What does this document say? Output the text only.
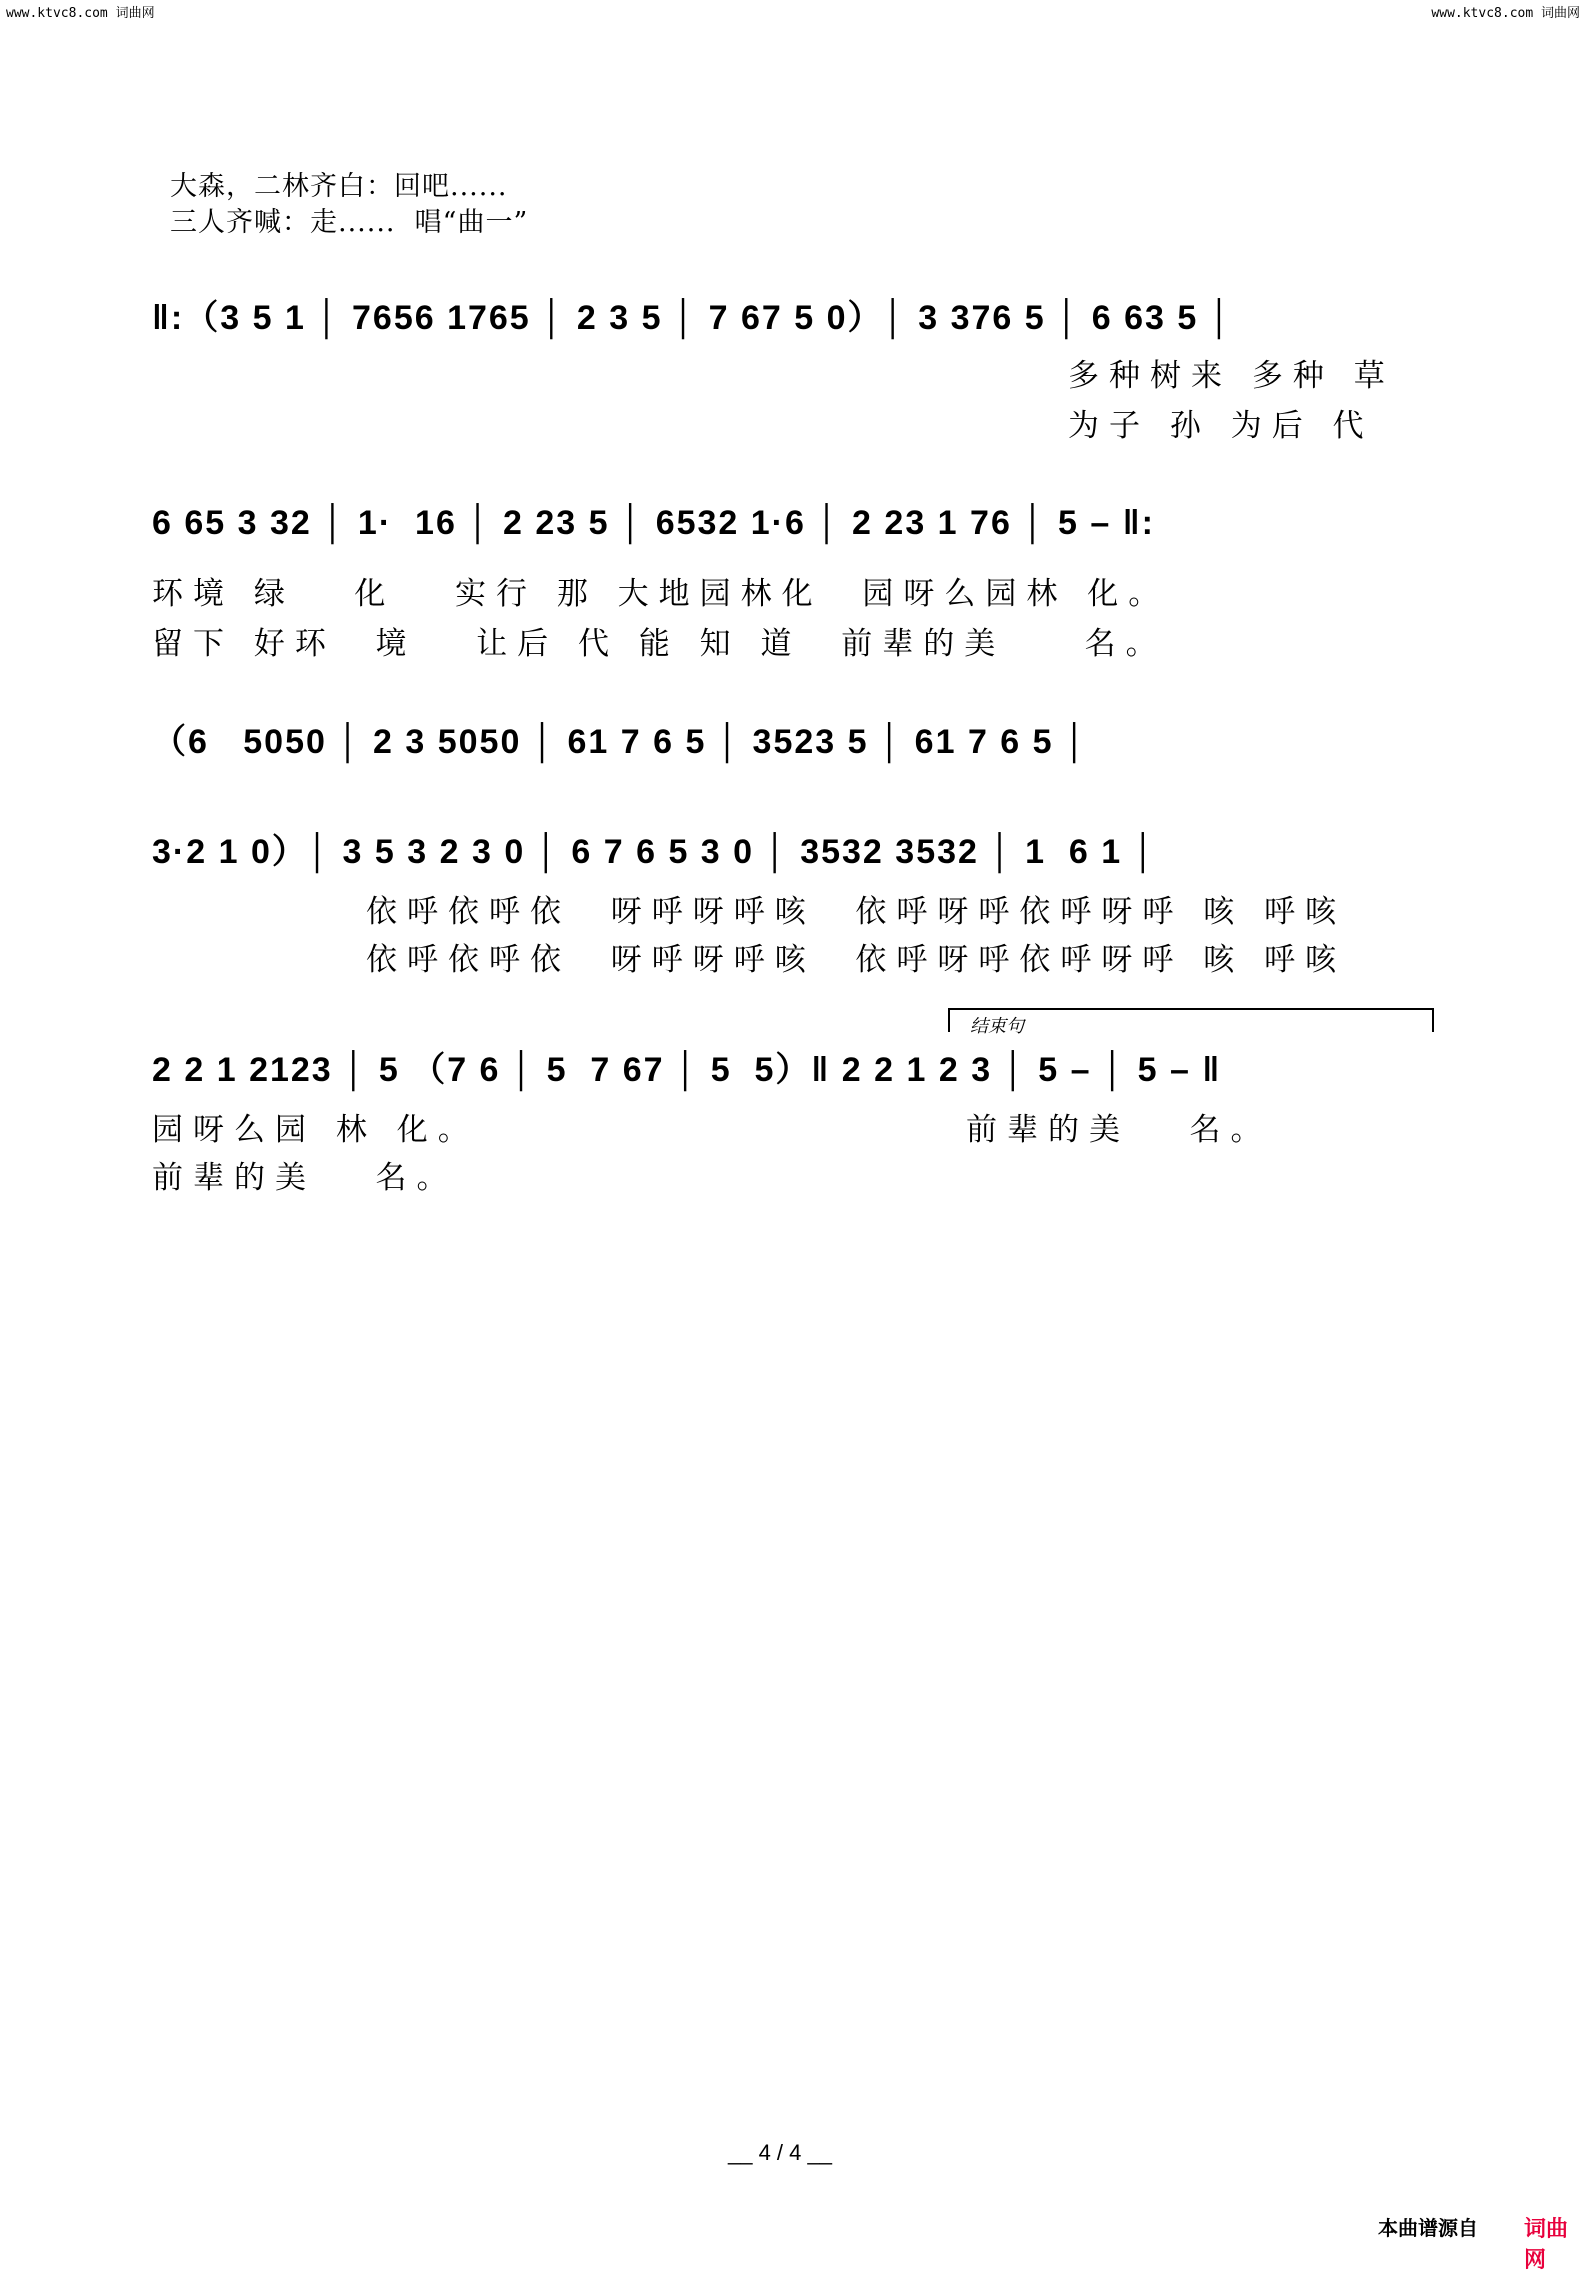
www.ktvc8.com 词曲网	www.ktvc8.com 词曲网
大森，二林齐白：回吧......
三人齐喊：走......  唱“曲一”
‖:（3 5 1 │ 7656 1765 │ 2 3 5 │ 7 67 5 0）│ 3 376 5 │ 6 63 5 │
多种树来 多种 草
为子 孙 为后 代
6 65 3 32 │ 1·  16 │ 2 23 5 │ 6532 1·6 │ 2 23 1 76 │ 5 – ‖:
环境 绿   化   实行 那 大地园林化  园呀么园林 化。
留下 好环  境   让后 代 能 知 道  前辈的美    名。
（6   5050 │ 2 3 5050 │ 61 7 6 5 │ 3523 5 │ 61 7 6 5 │
3·2 1 0）│ 3 5 3 2 3 0 │ 6 7 6 5 3 0 │ 3532 3532 │ 1  6 1 │
依呼依呼依  呀呼呀呼咳  依呼呀呼依呼呀呼 咳 呼咳
依呼依呼依  呀呼呀呼咳  依呼呀呼依呼呀呼 咳 呼咳
结束句
2 2 1 2123 │ 5 （7 6 │ 5  7 67 │ 5  5）‖ 2 2 1 2 3 │ 5 – │ 5 – ‖
园呀么园 林 化。
前辈的美   名。
前辈的美   名。
__ 4 / 4 __
本曲谱源自 词曲网
